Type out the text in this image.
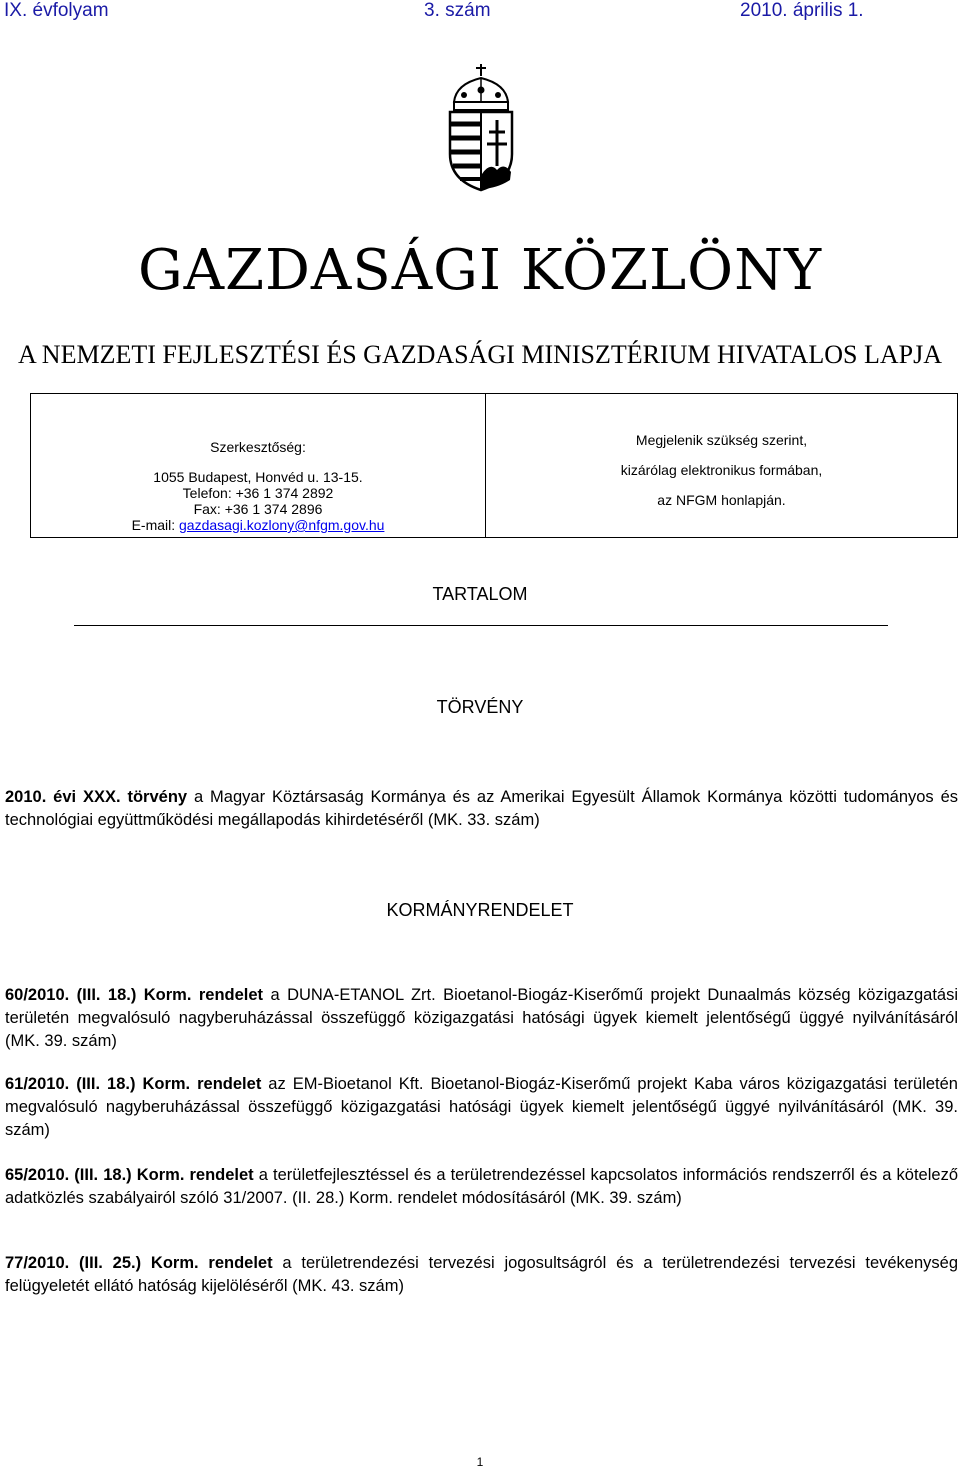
IX. évfolyam	3. szám	2010. április 1.
GAZDASÁGI KÖZLÖNY
A NEMZETI FEJLESZTÉSI ÉS GAZDASÁGI MINISZTÉRIUM HIVATALOS LAPJA
Szerkesztőség:
1055 Budapest, Honvéd u. 13-15.
Telefon: +36 1 374 2892
Fax: +36 1 374 2896
E-mail: gazdasagi.kozlony@nfgm.gov.hu
Megjelenik szükség szerint,
kizárólag elektronikus formában,
az NFGM honlapján.
TARTALOM
TÖRVÉNY
2010. évi XXX. törvény a Magyar Köztársaság Kormánya és az Amerikai Egyesült Államok Kormánya közötti tudományos és technológiai együttműködési megállapodás kihirdetéséről (MK. 33. szám)
KORMÁNYRENDELET
60/2010. (III. 18.) Korm. rendelet a DUNA-ETANOL Zrt. Bioetanol-Biogáz-Kiserőmű projekt Dunaalmás község közigazgatási területén megvalósuló nagyberuházással összefüggő közigazgatási hatósági ügyek kiemelt jelentőségű üggyé nyilvánításáról (MK. 39. szám)
61/2010. (III. 18.) Korm. rendelet az EM-Bioetanol Kft. Bioetanol-Biogáz-Kiserőmű projekt Kaba város közigazgatási területén megvalósuló nagyberuházással összefüggő közigazgatási hatósági ügyek kiemelt jelentőségű üggyé nyilvánításáról (MK. 39. szám)
65/2010. (III. 18.) Korm. rendelet a területfejlesztéssel és a területrendezéssel kapcsolatos információs rendszerről és a kötelező adatközlés szabályairól szóló 31/2007. (II. 28.) Korm. rendelet módosításáról (MK. 39. szám)
77/2010. (III. 25.) Korm. rendelet a területrendezési tervezési jogosultságról és a területrendezési tervezési tevékenység felügyeletét ellátó hatóság kijelöléséről (MK. 43. szám)
1
